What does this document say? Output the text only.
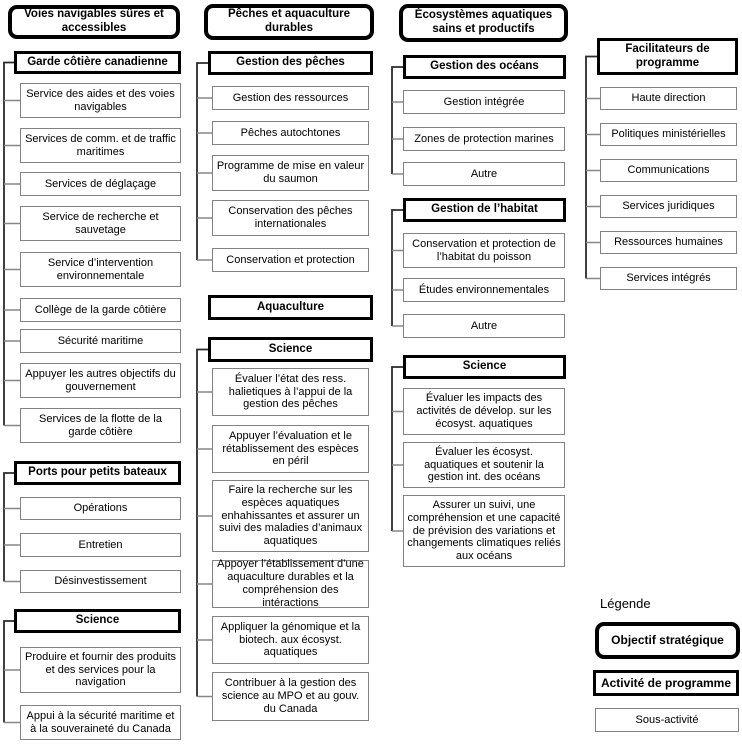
Voies navigables sûres et accessibles
Garde côtière canadienne
Service des aides et des voies navigables
Services de comm. et de traffic maritimes
Services de déglaçage
Service de recherche et sauvetage
Service d’intervention environnementale
Collège de la garde côtière
Sécurité maritime
Appuyer les autres objectifs du gouvernement
Services de la flotte de la garde côtière
Ports pour petits bateaux
Opérations
Entretien
Désinvestissement
Science
Produire et fournir des produits et des services pour la navigation
Appui à la sécurité maritime et à la souveraineté du Canada
Pêches et aquaculture durables
Gestion des pêches
Gestion des ressources
Pêches autochtones
Programme de mise en valeur du saumon
Conservation des pêches internationales
Conservation et protection
Aquaculture
Science
Évaluer l’état des ress. halietiques à l’appui de la gestion des pêches
Appuyer l’évaluation et le rétablissement des espèces en péril
Faire la recherche sur les espèces aquatiques enhahissantes et assurer un suivi des maladies d’animaux aquatiques
Appoyer l’établissement d’une aquaculture durables et la compréhension des intéractions
Appliquer la génomique et la biotech. aux écosyst. aquatiques
Contribuer à la gestion des science au MPO et au gouv. du Canada
Écosystèmes aquatiques sains et productifs
Gestion des océans
Gestion intégrée
Zones de protection marines
Autre
Gestion de l’habitat
Conservation et protection de l’habitat du poisson
Études environnementales
Autre
Science
Évaluer les impacts des activités de dévelop. sur les écosyst. aquatiques
Évaluer les écosyst. aquatiques et soutenir la gestion int. des océans
Assurer un suivi, une compréhension et une capacité de prévision des variations et changements climatiques reliés aux océans
Facilitateurs de programme
Haute direction
Politiques ministérielles
Communications
Services juridiques
Ressources humaines
Services intégrés
Légende
Objectif stratégique
Activité de programme
Sous-activité
